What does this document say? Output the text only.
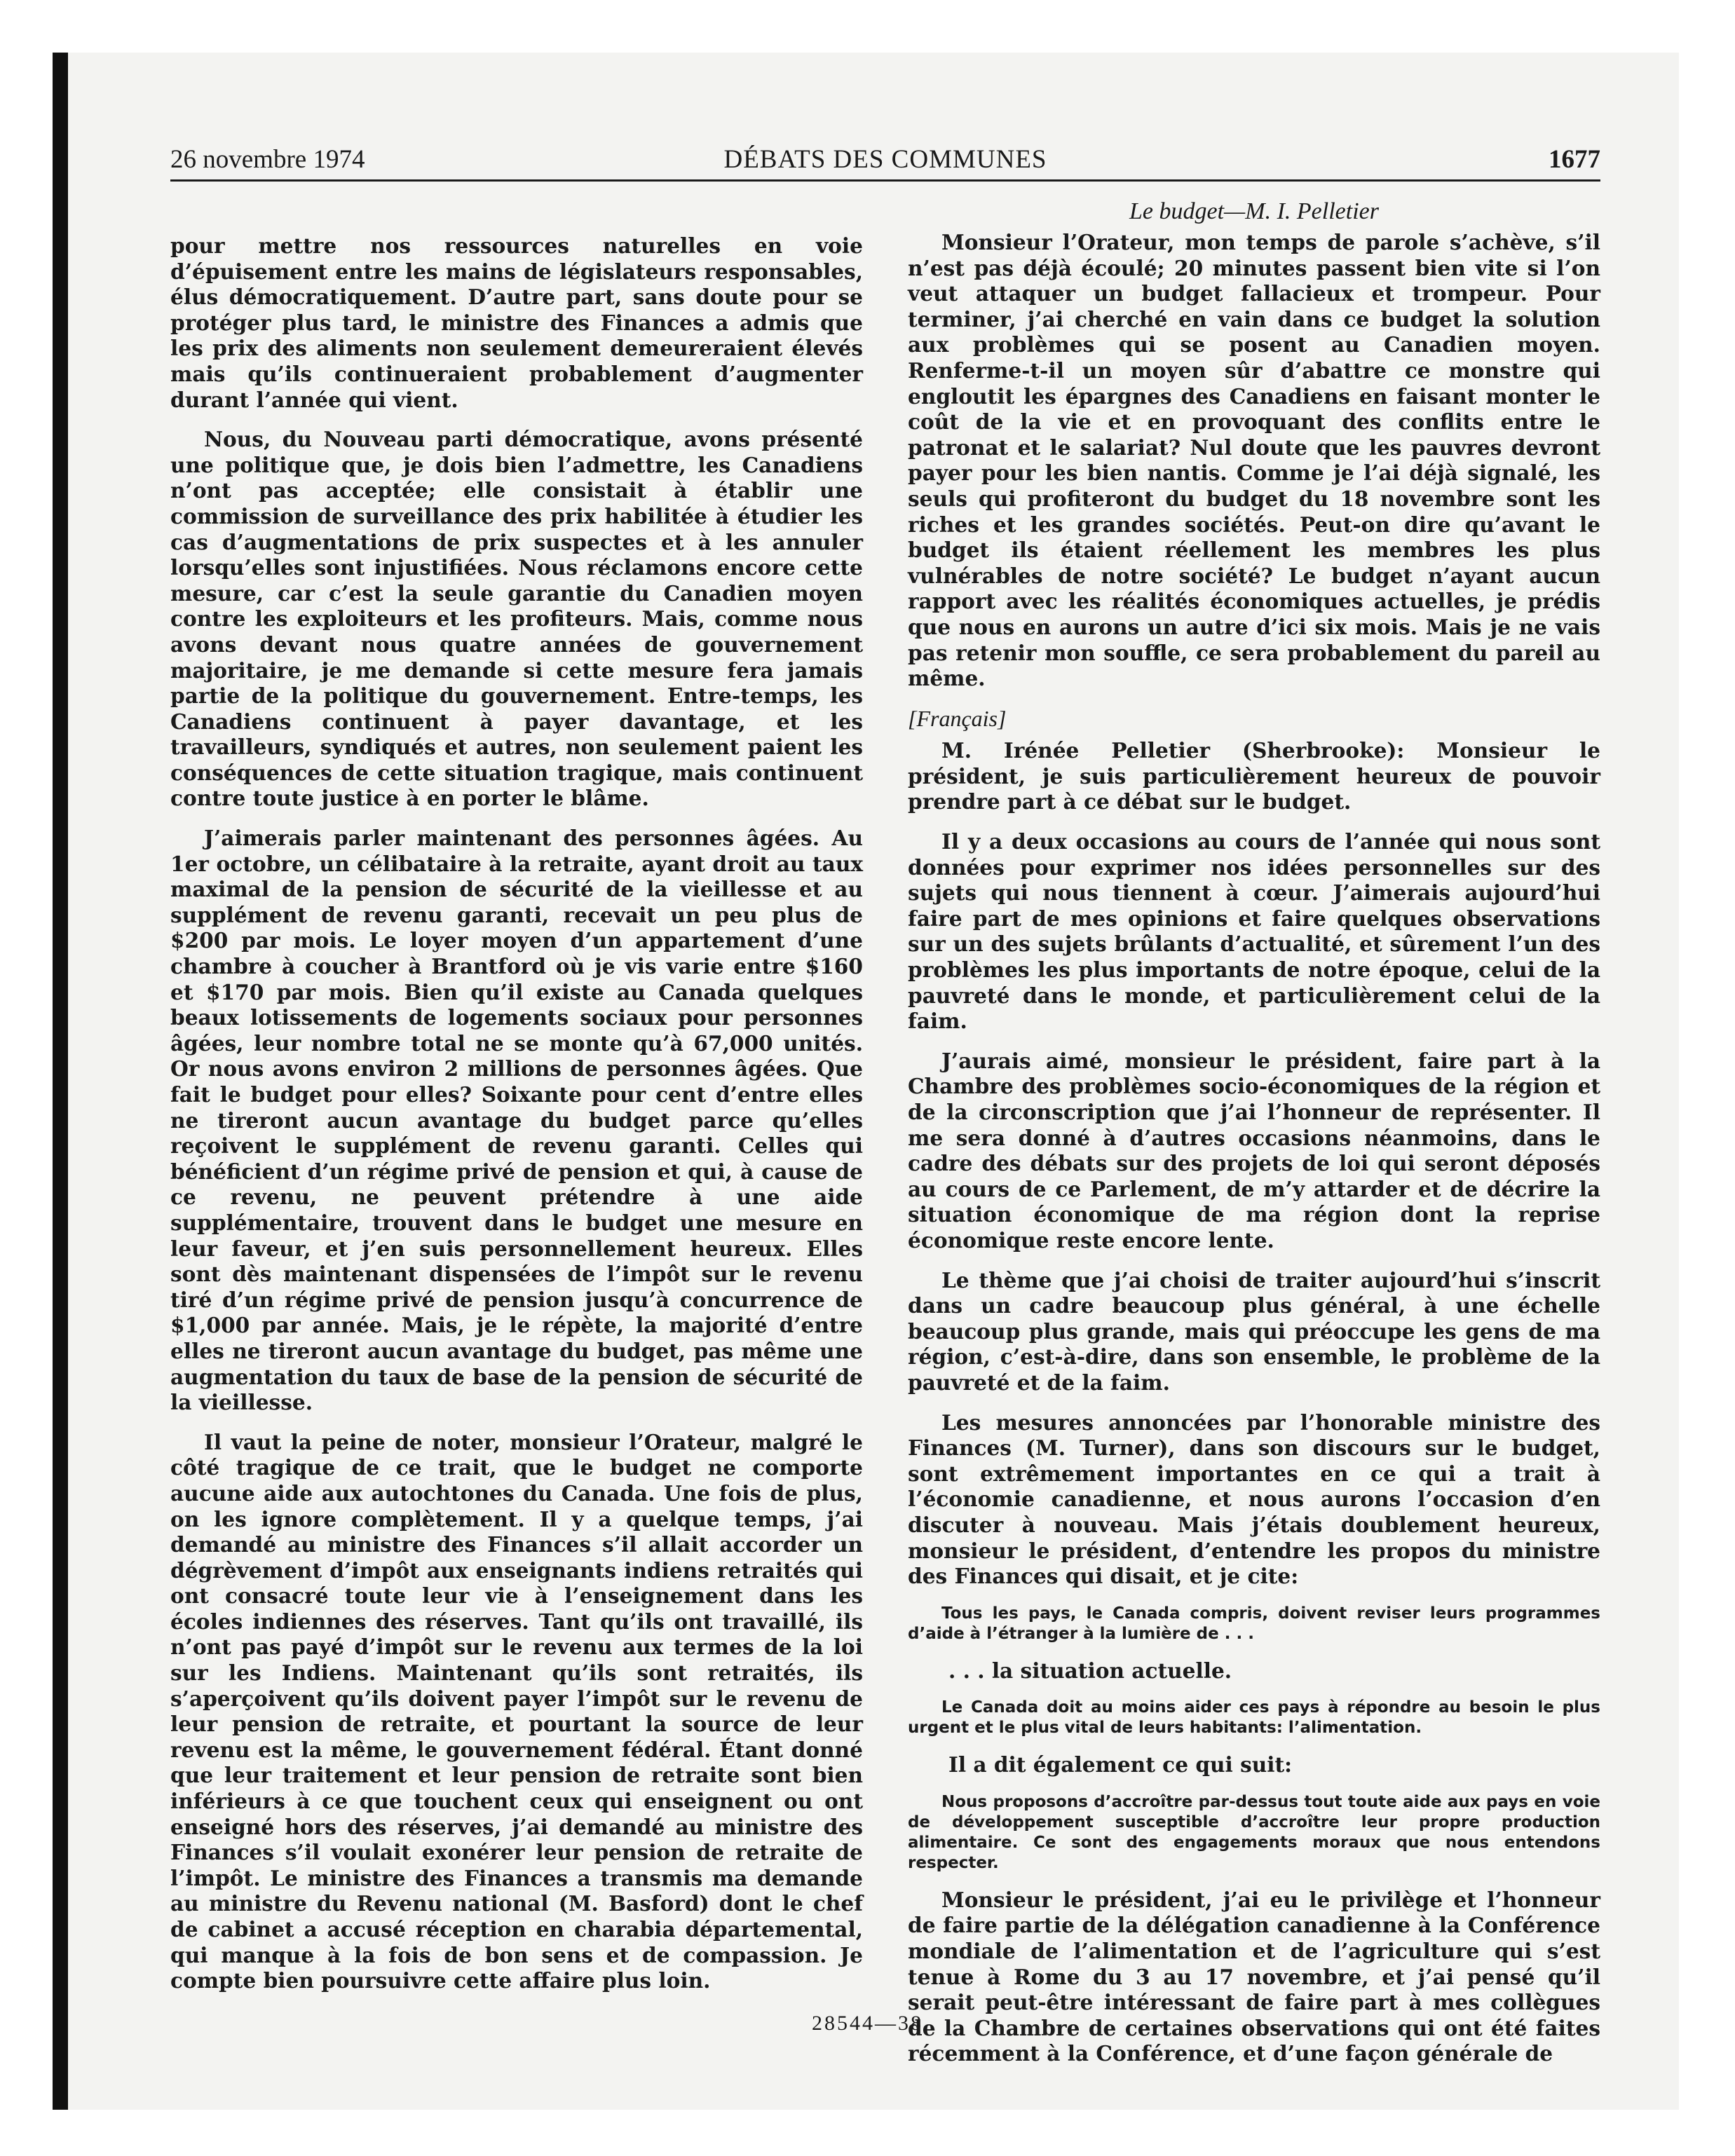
26 novembre 1974	DÉBATS DES COMMUNES	1677

pour mettre nos ressources naturelles en voie d’épuisement entre les mains de législateurs responsables, élus démocratiquement. D’autre part, sans doute pour se protéger plus tard, le ministre des Finances a admis que les prix des aliments non seulement demeureraient élevés mais qu’ils continueraient probablement d’augmenter durant l’année qui vient.

Nous, du Nouveau parti démocratique, avons présenté une politique que, je dois bien l’admettre, les Canadiens n’ont pas acceptée; elle consistait à établir une commission de surveillance des prix habilitée à étudier les cas d’augmentations de prix suspectes et à les annuler lorsqu’elles sont injustifiées. Nous réclamons encore cette mesure, car c’est la seule garantie du Canadien moyen contre les exploiteurs et les profiteurs. Mais, comme nous avons devant nous quatre années de gouvernement majoritaire, je me demande si cette mesure fera jamais partie de la politique du gouvernement. Entre-temps, les Canadiens continuent à payer davantage, et les travailleurs, syndiqués et autres, non seulement paient les conséquences de cette situation tragique, mais continuent contre toute justice à en porter le blâme.

J’aimerais parler maintenant des personnes âgées. Au 1er octobre, un célibataire à la retraite, ayant droit au taux maximal de la pension de sécurité de la vieillesse et au supplément de revenu garanti, recevait un peu plus de $200 par mois. Le loyer moyen d’un appartement d’une chambre à coucher à Brantford où je vis varie entre $160 et $170 par mois. Bien qu’il existe au Canada quelques beaux lotissements de logements sociaux pour personnes âgées, leur nombre total ne se monte qu’à 67,000 unités. Or nous avons environ 2 millions de personnes âgées. Que fait le budget pour elles? Soixante pour cent d’entre elles ne tireront aucun avantage du budget parce qu’elles reçoivent le supplément de revenu garanti. Celles qui bénéficient d’un régime privé de pension et qui, à cause de ce revenu, ne peuvent prétendre à une aide supplémentaire, trouvent dans le budget une mesure en leur faveur, et j’en suis personnellement heureux. Elles sont dès maintenant dispensées de l’impôt sur le revenu tiré d’un régime privé de pension jusqu’à concurrence de $1,000 par année. Mais, je le répète, la majorité d’entre elles ne tireront aucun avantage du budget, pas même une augmentation du taux de base de la pension de sécurité de la vieillesse.

Il vaut la peine de noter, monsieur l’Orateur, malgré le côté tragique de ce trait, que le budget ne comporte aucune aide aux autochtones du Canada. Une fois de plus, on les ignore complètement. Il y a quelque temps, j’ai demandé au ministre des Finances s’il allait accorder un dégrèvement d’impôt aux enseignants indiens retraités qui ont consacré toute leur vie à l’enseignement dans les écoles indiennes des réserves. Tant qu’ils ont travaillé, ils n’ont pas payé d’impôt sur le revenu aux termes de la loi sur les Indiens. Maintenant qu’ils sont retraités, ils s’aperçoivent qu’ils doivent payer l’impôt sur le revenu de leur pension de retraite, et pourtant la source de leur revenu est la même, le gouvernement fédéral. Étant donné que leur traitement et leur pension de retraite sont bien inférieurs à ce que touchent ceux qui enseignent ou ont enseigné hors des réserves, j’ai demandé au ministre des Finances s’il voulait exonérer leur pension de retraite de l’impôt. Le ministre des Finances a transmis ma demande au ministre du Revenu national (M. Basford) dont le chef de cabinet a accusé réception en charabia départemental, qui manque à la fois de bon sens et de compassion. Je compte bien poursuivre cette affaire plus loin.

Le budget—M. I. Pelletier

Monsieur l’Orateur, mon temps de parole s’achève, s’il n’est pas déjà écoulé; 20 minutes passent bien vite si l’on veut attaquer un budget fallacieux et trompeur. Pour terminer, j’ai cherché en vain dans ce budget la solution aux problèmes qui se posent au Canadien moyen. Renferme-t-il un moyen sûr d’abattre ce monstre qui engloutit les épargnes des Canadiens en faisant monter le coût de la vie et en provoquant des conflits entre le patronat et le salariat? Nul doute que les pauvres devront payer pour les bien nantis. Comme je l’ai déjà signalé, les seuls qui profiteront du budget du 18 novembre sont les riches et les grandes sociétés. Peut-on dire qu’avant le budget ils étaient réellement les membres les plus vulnérables de notre société? Le budget n’ayant aucun rapport avec les réalités économiques actuelles, je prédis que nous en aurons un autre d’ici six mois. Mais je ne vais pas retenir mon souffle, ce sera probablement du pareil au même.

[Français]

M. Irénée Pelletier (Sherbrooke): Monsieur le président, je suis particulièrement heureux de pouvoir prendre part à ce débat sur le budget.

Il y a deux occasions au cours de l’année qui nous sont données pour exprimer nos idées personnelles sur des sujets qui nous tiennent à cœur. J’aimerais aujourd’hui faire part de mes opinions et faire quelques observations sur un des sujets brûlants d’actualité, et sûrement l’un des problèmes les plus importants de notre époque, celui de la pauvreté dans le monde, et particulièrement celui de la faim.

J’aurais aimé, monsieur le président, faire part à la Chambre des problèmes socio-économiques de la région et de la circonscription que j’ai l’honneur de représenter. Il me sera donné à d’autres occasions néanmoins, dans le cadre des débats sur des projets de loi qui seront déposés au cours de ce Parlement, de m’y attarder et de décrire la situation économique de ma région dont la reprise économique reste encore lente.

Le thème que j’ai choisi de traiter aujourd’hui s’inscrit dans un cadre beaucoup plus général, à une échelle beaucoup plus grande, mais qui préoccupe les gens de ma région, c’est-à-dire, dans son ensemble, le problème de la pauvreté et de la faim.

Les mesures annoncées par l’honorable ministre des Finances (M. Turner), dans son discours sur le budget, sont extrêmement importantes en ce qui a trait à l’économie canadienne, et nous aurons l’occasion d’en discuter à nouveau. Mais j’étais doublement heureux, monsieur le président, d’entendre les propos du ministre des Finances qui disait, et je cite:

Tous les pays, le Canada compris, doivent reviser leurs programmes d’aide à l’étranger à la lumière de . . .

. . . la situation actuelle.

Le Canada doit au moins aider ces pays à répondre au besoin le plus urgent et le plus vital de leurs habitants: l’alimentation.

Il a dit également ce qui suit:

Nous proposons d’accroître par-dessus tout toute aide aux pays en voie de développement susceptible d’accroître leur propre production alimentaire. Ce sont des engagements moraux que nous entendons respecter.

Monsieur le président, j’ai eu le privilège et l’honneur de faire partie de la délégation canadienne à la Conférence mondiale de l’alimentation et de l’agriculture qui s’est tenue à Rome du 3 au 17 novembre, et j’ai pensé qu’il serait peut-être intéressant de faire part à mes collègues de la Chambre de certaines observations qui ont été faites récemment à la Conférence, et d’une façon générale de

28544—38
